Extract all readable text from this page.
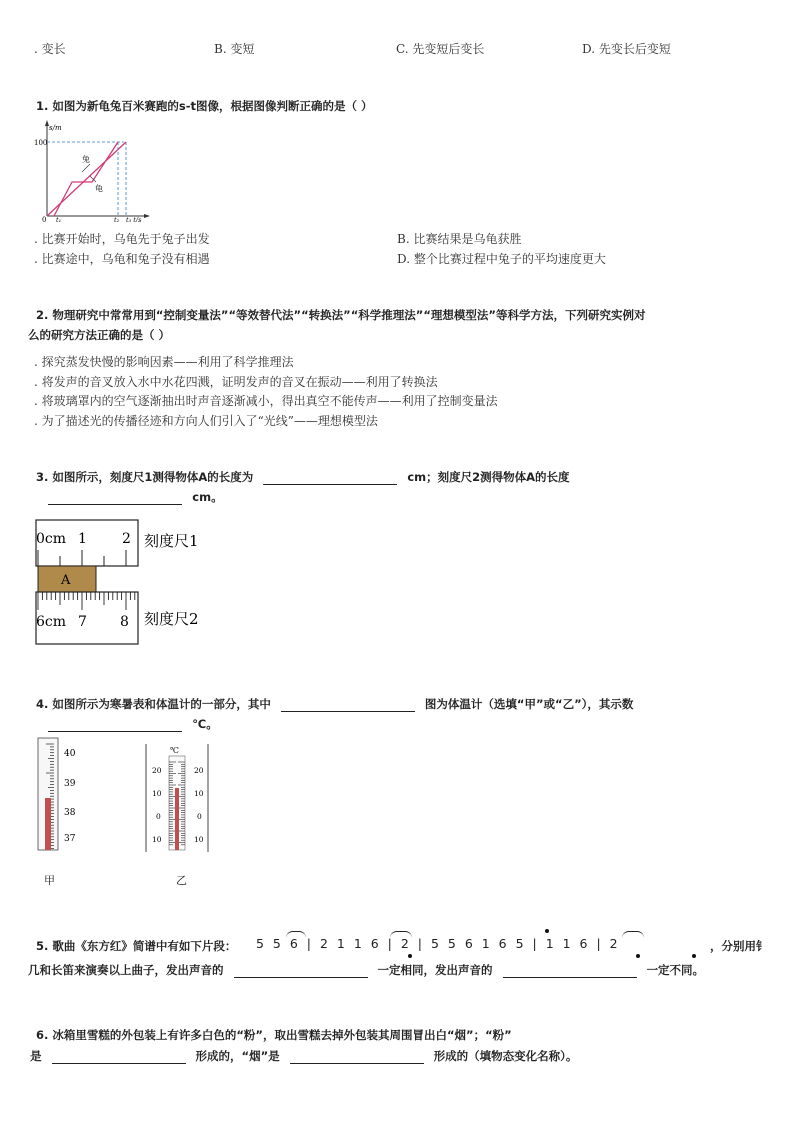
. 变长	B. 变短	C. 先变短后变长	D. 先变长后变短
1. 如图为新龟兔百米赛跑的s-t图像，根据图像判断正确的是（ ）
s/m
100
0 t₁	t₂ t₃ t/s
兔
龟
. 比赛开始时，乌龟先于兔子出发	B. 比赛结果是乌龟获胜
. 比赛途中，乌龟和兔子没有相遇	D. 整个比赛过程中兔子的平均速度更大
2. 物理研究中常常用到“控制变量法”“等效替代法”“转换法”“科学推理法”“理想模型法”等科学方法，下列研究实例对
么的研究方法正确的是（ ）
. 探究蒸发快慢的影响因素——利用了科学推理法
. 将发声的音叉放入水中水花四溅，证明发声的音叉在振动——利用了转换法
. 将玻璃罩内的空气逐渐抽出时声音逐渐减小，得出真空不能传声——利用了控制变量法
. 为了描述光的传播径迹和方向人们引入了“光线”——理想模型法
3. 如图所示，刻度尺1测得物体A的长度为	cm；刻度尺2测得物体A的长度
cm。
0cm 1	2 刻度尺1
A
6cm 7 8 刻度尺2
4. 如图所示为寒暑表和体温计的一部分，其中	图为体温计（选填“甲”或“乙”），其示数
℃。
40
39
38
37
℃
20
10
0
10
20
10
0
10
甲	乙
5. 歌曲《东方红》简谱中有如下片段： 5 5 6 | 2 1 1 6 | 2 | 5 5 6 1 6 5 | 1 1 6 | 2	，分别用钅
几和长笛来演奏以上曲子，发出声音的	一定相同，发出声音的	一定不同。
6. 冰箱里雪糕的外包装上有许多白色的“粉”，取出雪糕去掉外包装其周围冒出白“烟”；“粉”
是	形成的，“烟”是	形成的（填物态变化名称）。
